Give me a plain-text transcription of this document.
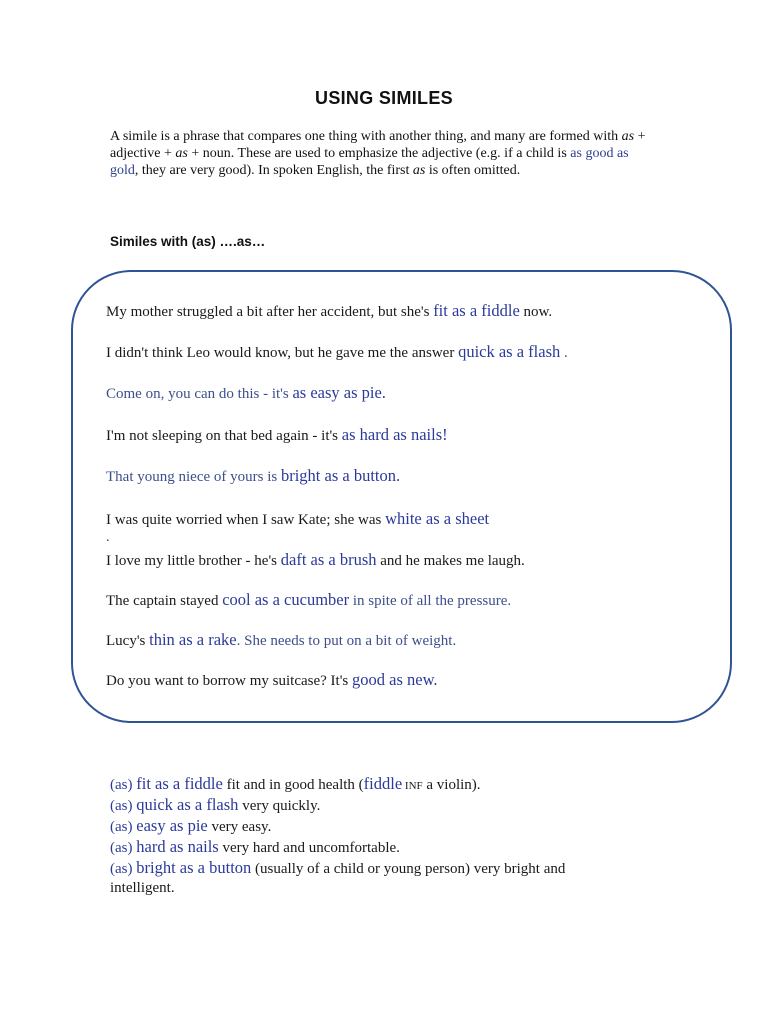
USING SIMILES
A simile is a phrase that compares one thing with another thing, and many are formed with as + adjective + as + noun. These are used to emphasize the adjective (e.g. if a child is as good as gold, they are very good). In spoken English, the first as is often omitted.
Similes with (as) ….as…
My mother struggled a bit after her accident, but she's fit as a fiddle now.
I didn't think Leo would know, but he gave me the answer quick as a flash .
Come on, you can do this - it's as easy as pie.
I'm not sleeping on that bed again - it's as hard as nails!
That young niece of yours is bright as a button.
I was quite worried when I saw Kate; she was white as a sheet
.
I love my little brother - he's daft as a brush and he makes me laugh.
The captain stayed cool as a cucumber in spite of all the pressure.
Lucy's thin as a rake. She needs to put on a bit of weight.
Do you want to borrow my suitcase? It's good as new.
(as) fit as a fiddle fit and in good health (fiddle INF a violin).
(as) quick as a flash very quickly.
(as) easy as pie very easy.
(as) hard as nails very hard and uncomfortable.
(as) bright as a button (usually of a child or young person) very bright and
intelligent.
